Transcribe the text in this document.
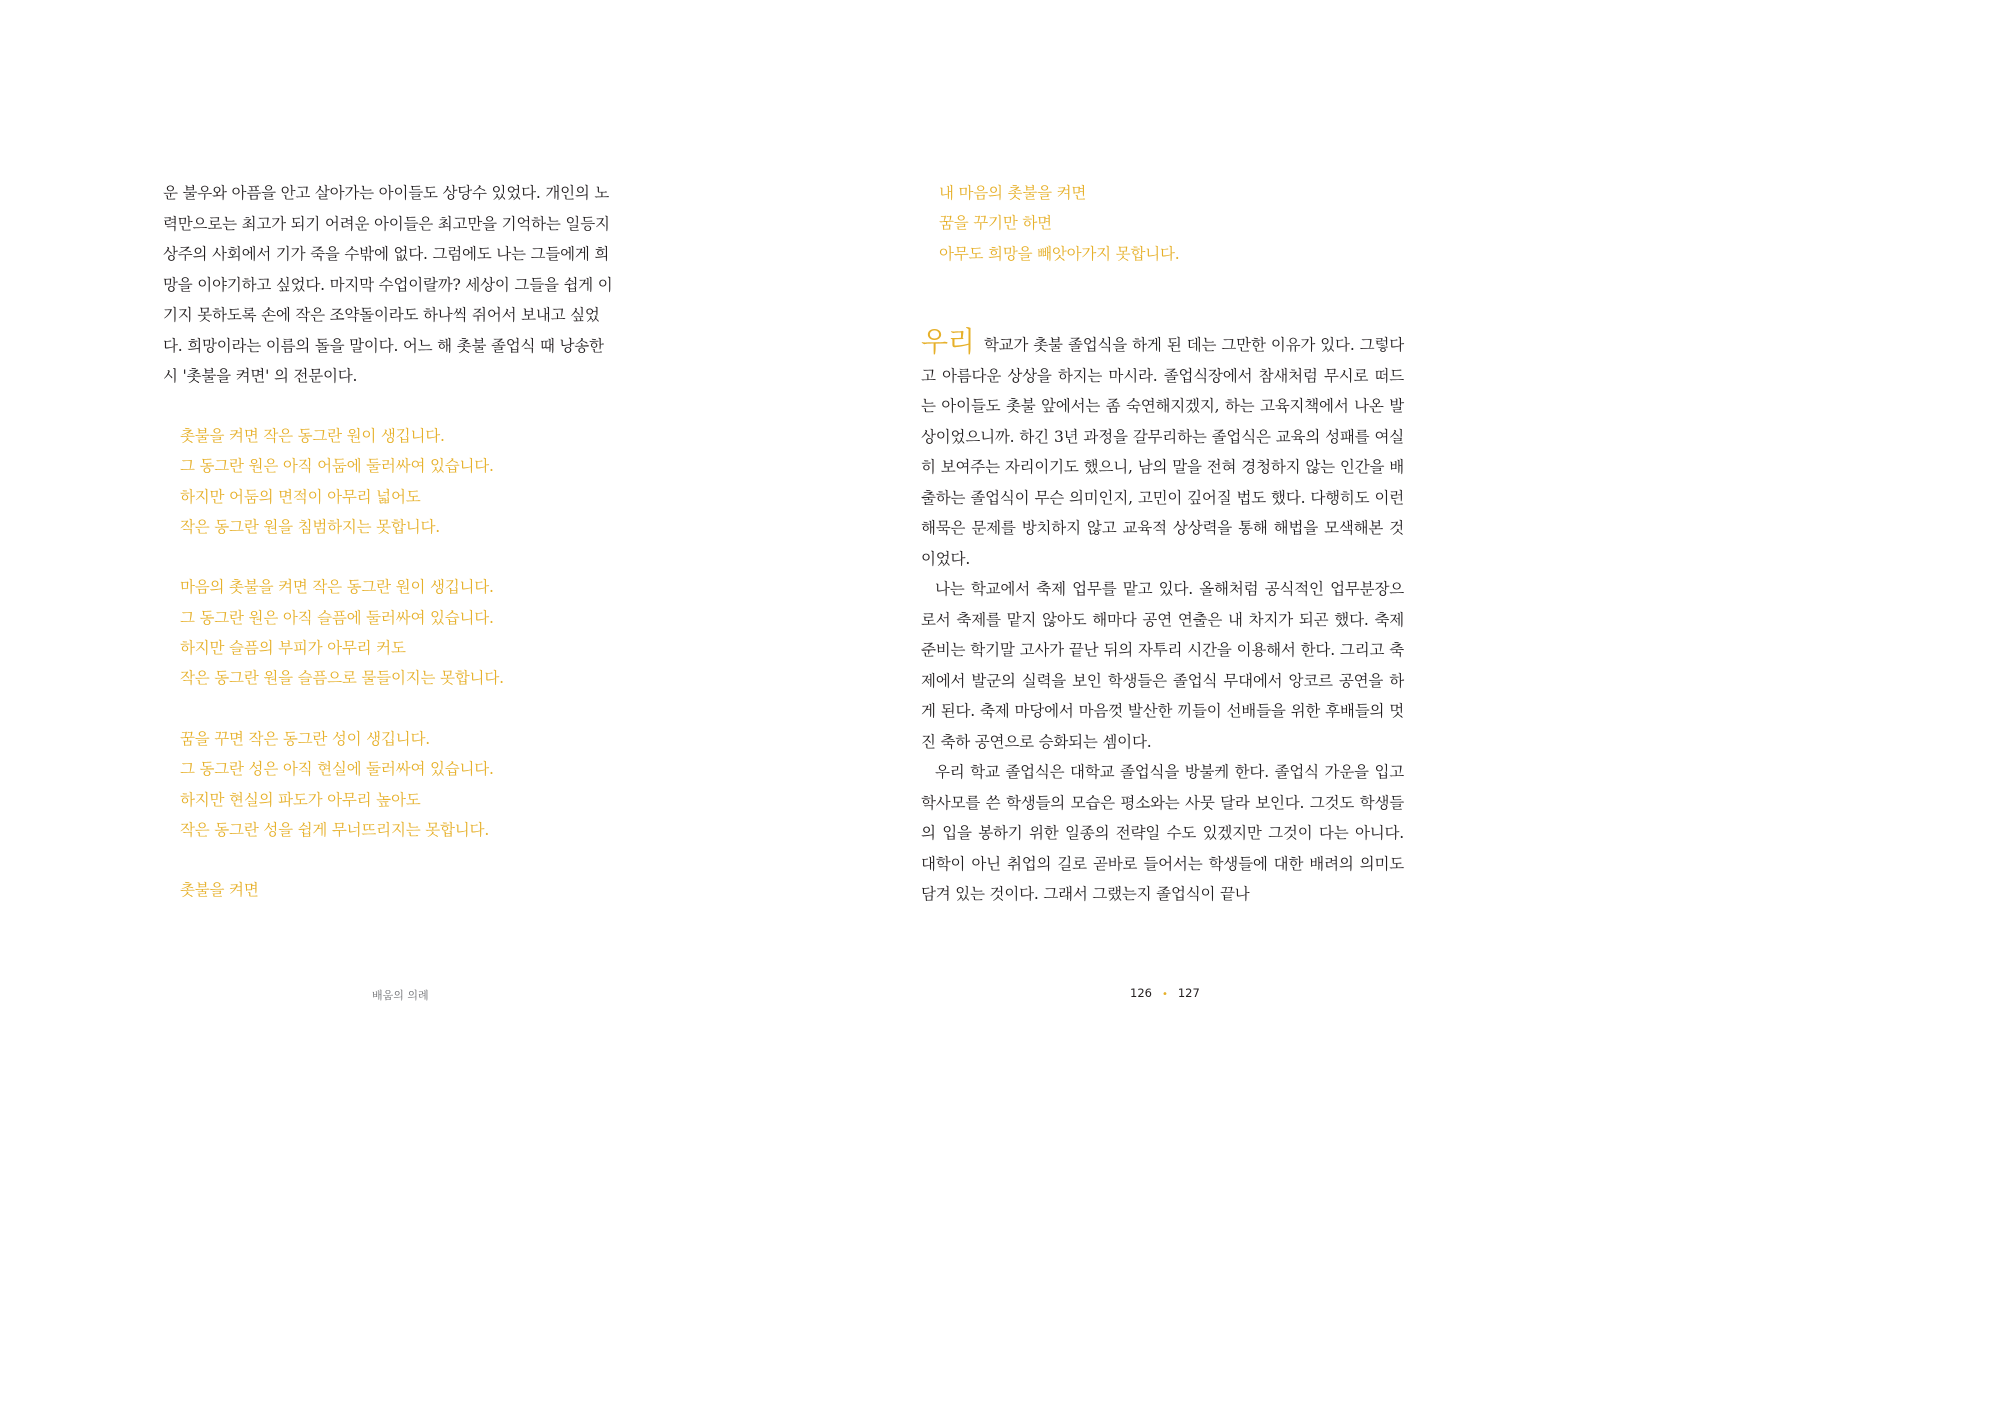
운 불우와 아픔을 안고 살아가는 아이들도 상당수 있었다. 개인의 노
력만으로는 최고가 되기 어려운 아이들은 최고만을 기억하는 일등지
상주의 사회에서 기가 죽을 수밖에 없다. 그럼에도 나는 그들에게 희
망을 이야기하고 싶었다. 마지막 수업이랄까? 세상이 그들을 쉽게 이
기지 못하도록 손에 작은 조약돌이라도 하나씩 쥐어서 보내고 싶었
다. 희망이라는 이름의 돌을 말이다. 어느 해 촛불 졸업식 때 낭송한
시 '촛불을 켜면' 의 전문이다.
촛불을 켜면 작은 동그란 원이 생깁니다.
그 동그란 원은 아직 어둠에 둘러싸여 있습니다.
하지만 어둠의 면적이 아무리 넓어도
작은 동그란 원을 침범하지는 못합니다.
마음의 촛불을 켜면 작은 동그란 원이 생깁니다.
그 동그란 원은 아직 슬픔에 둘러싸여 있습니다.
하지만 슬픔의 부피가 아무리 커도
작은 동그란 원을 슬픔으로 물들이지는 못합니다.
꿈을 꾸면 작은 동그란 성이 생깁니다.
그 동그란 성은 아직 현실에 둘러싸여 있습니다.
하지만 현실의 파도가 아무리 높아도
작은 동그란 성을 쉽게 무너뜨리지는 못합니다.
촛불을 켜면
배움의 의례
내 마음의 촛불을 켜면
꿈을 꾸기만 하면
아무도 희망을 빼앗아가지 못합니다.

우리 학교가 촛불 졸업식을 하게 된 데는 그만한 이유가 있다. 그렇다고 아름다운 상상을 하지는 마시라. 졸업식장에서 참새처럼 무시로 떠드는 아이들도 촛불 앞에서는 좀 숙연해지겠지, 하는 고육지책에서 나온 발상이었으니까. 하긴 3년 과정을 갈무리하는 졸업식은 교육의 성패를 여실히 보여주는 자리이기도 했으니, 남의 말을 전혀 경청하지 않는 인간을 배출하는 졸업식이 무슨 의미인지, 고민이 깊어질 법도 했다. 다행히도 이런 해묵은 문제를 방치하지 않고 교육적 상상력을 통해 해법을 모색해본 것이었다.

나는 학교에서 축제 업무를 맡고 있다. 올해처럼 공식적인 업무분장으로서 축제를 맡지 않아도 해마다 공연 연출은 내 차지가 되곤 했다. 축제 준비는 학기말 고사가 끝난 뒤의 자투리 시간을 이용해서 한다. 그리고 축제에서 발군의 실력을 보인 학생들은 졸업식 무대에서 앙코르 공연을 하게 된다. 축제 마당에서 마음껏 발산한 끼들이 선배들을 위한 후배들의 멋진 축하 공연으로 승화되는 셈이다.

우리 학교 졸업식은 대학교 졸업식을 방불케 한다. 졸업식 가운을 입고 학사모를 쓴 학생들의 모습은 평소와는 사뭇 달라 보인다. 그것도 학생들의 입을 봉하기 위한 일종의 전략일 수도 있겠지만 그것이 다는 아니다. 대학이 아닌 취업의 길로 곧바로 들어서는 학생들에 대한 배려의 의미도 담겨 있는 것이다. 그래서 그랬는지 졸업식이 끝나

126 • 127
